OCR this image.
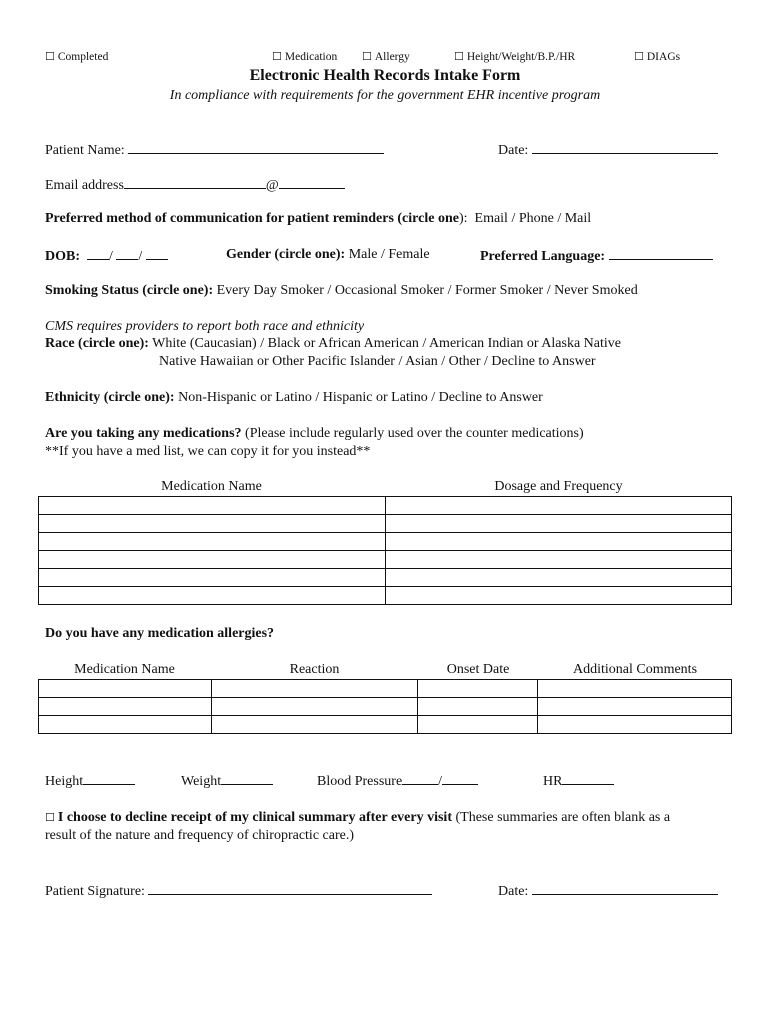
☐ Completed	☐ Medication ☐ Allergy	☐ Height/Weight/B.P./HR	☐ DIAGs
Electronic Health Records Intake Form
In compliance with requirements for the government EHR incentive program
Patient Name:	Date:
Email address	@
Preferred method of communication for patient reminders (circle one): Email / Phone / Mail
DOB: / /	Gender (circle one): Male / Female	Preferred Language:
Smoking Status (circle one): Every Day Smoker / Occasional Smoker / Former Smoker / Never Smoked
CMS requires providers to report both race and ethnicity
Race (circle one): White (Caucasian) / Black or African American / American Indian or Alaska Native
Native Hawaiian or Other Pacific Islander / Asian / Other / Decline to Answer
Ethnicity (circle one): Non-Hispanic or Latino / Hispanic or Latino / Decline to Answer
Are you taking any medications? (Please include regularly used over the counter medications)
**If you have a med list, we can copy it for you instead**
Medication Name	Dosage and Frequency

Do you have any medication allergies?
Medication Name	Reaction	Onset Date	Additional Comments

Height	Weight	Blood Pressure	/	HR
☐ I choose to decline receipt of my clinical summary after every visit (These summaries are often blank as a
result of the nature and frequency of chiropractic care.)
Patient Signature:	Date:
